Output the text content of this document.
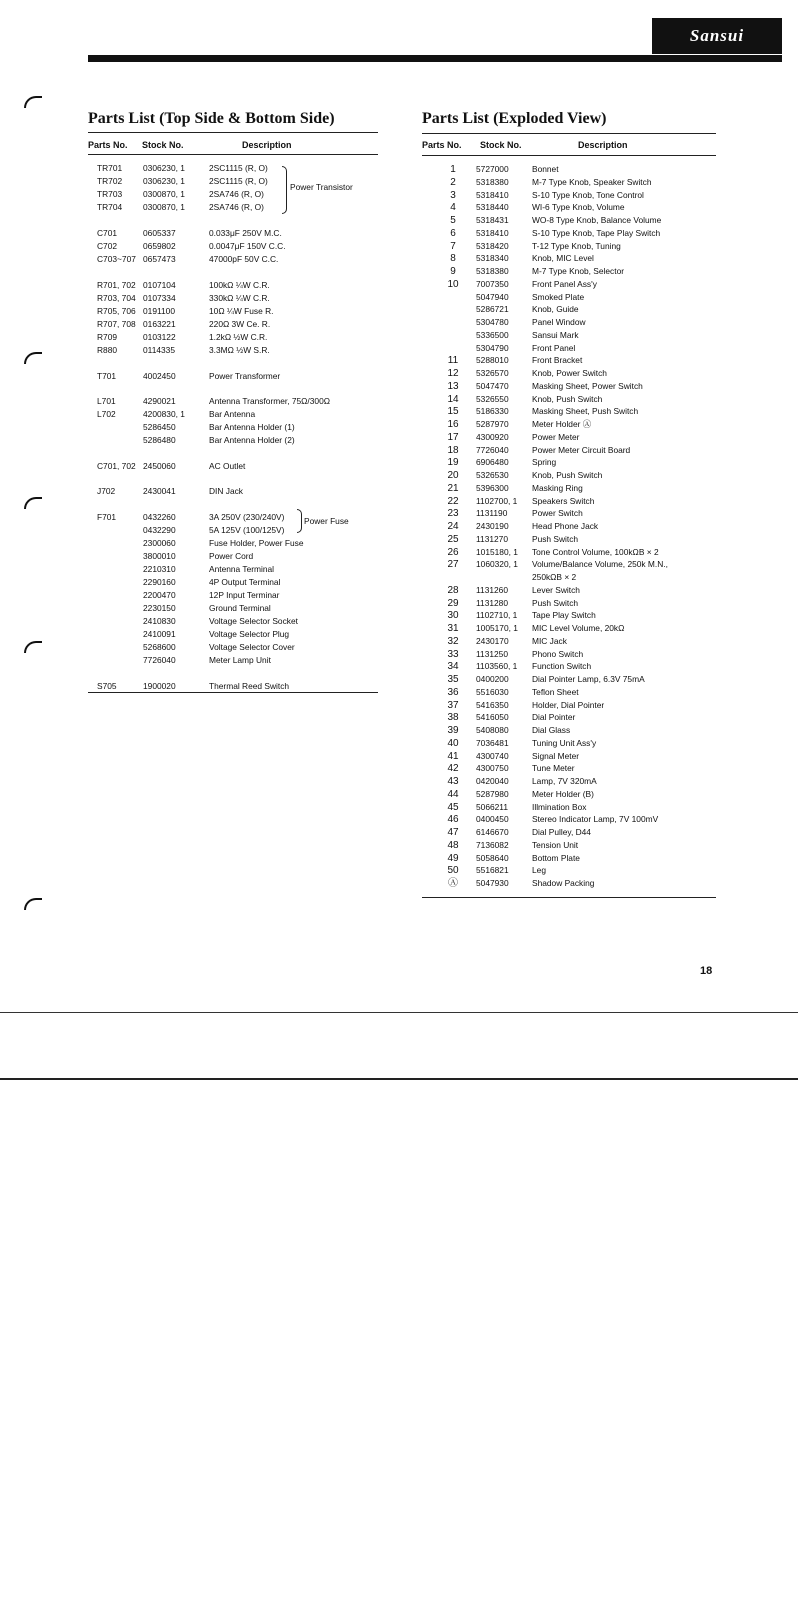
Sansui
Parts List (Top Side & Bottom Side)
Parts No. Stock No.	Description
TR701 0306230, 1	2SC1115 (R, O)
TR702 0306230, 1	2SC1115 (R, O)
TR703 0300870, 1	2SA746 (R, O)
TR704 0300870, 1	2SA746 (R, O)
C701	0605337	0.033μF 250V M.C.
C702	0659802	0.0047μF 150V C.C.
C703~707 0657473	47000pF 50V C.C.
R701, 702 0107104	100kΩ ¼W C.R.
R703, 704 0107334	330kΩ ¼W C.R.
R705, 706 0191100	10Ω ¼W Fuse R.
R707, 708 0163221	220Ω 3W Ce. R.
R709	0103122	1.2kΩ ½W C.R.
R880	0114335	3.3MΩ ½W S.R.
T701	4002450	Power Transformer
L701	4290021	Antenna Transformer, 75Ω/300Ω
L702	4200830, 1	Bar Antenna
5286450	Bar Antenna Holder (1)
5286480	Bar Antenna Holder (2)
C701, 702 2450060	AC Outlet
J702	2430041	DIN Jack
F701	0432260	3A 250V (230/240V)
0432290	5A 125V (100/125V)
2300060	Fuse Holder, Power Fuse
3800010	Power Cord
2210310	Antenna Terminal
2290160	4P Output Terminal
2200470	12P Input Terminar
2230150	Ground Terminal
2410830	Voltage Selector Socket
2410091	Voltage Selector Plug
5268600	Voltage Selector Cover
7726040	Meter Lamp Unit
S705	1900020	Thermal Reed Switch
Power Transistor
Power Fuse
Parts List (Exploded View)
Parts No. Stock No.	Description
1	5727000	Bonnet
2	5318380	M-7 Type Knob, Speaker Switch
3	5318410	S-10 Type Knob, Tone Control
4	5318440	WI-6 Type Knob, Volume
5	5318431	WO-8 Type Knob, Balance Volume
6	5318410	S-10 Type Knob, Tape Play Switch
7	5318420	T-12 Type Knob, Tuning
8	5318340	Knob, MIC Level
9	5318380	M-7 Type Knob, Selector
10	7007350	Front Panel Ass'y
5047940	Smoked Plate
5286721	Knob, Guide
5304780	Panel Window
5336500	Sansui Mark
5304790	Front Panel
11	5288010	Front Bracket
12	5326570	Knob, Power Switch
13	5047470	Masking Sheet, Power Switch
14	5326550	Knob, Push Switch
15	5186330	Masking Sheet, Push Switch
16	5287970	Meter Holder Ⓐ
17	4300920	Power Meter
18	7726040	Power Meter Circuit Board
19	6906480	Spring
20	5326530	Knob, Push Switch
21	5396300	Masking Ring
22	1102700, 1 Speakers Switch
23	1131190	Power Switch
24	2430190	Head Phone Jack
25	1131270	Push Switch
26	1015180, 1 Tone Control Volume, 100kΩB × 2
27	1060320, 1 Volume/Balance Volume, 250k M.N.,
250kΩB × 2
28	1131260	Lever Switch
29	1131280	Push Switch
30	1102710, 1 Tape Play Switch
31	1005170, 1 MIC Level Volume, 20kΩ
32	2430170	MIC Jack
33	1131250	Phono Switch
34	1103560, 1 Function Switch
35	0400200	Dial Pointer Lamp, 6.3V 75mA
36	5516030	Teflon Sheet
37	5416350	Holder, Dial Pointer
38	5416050	Dial Pointer
39	5408080	Dial Glass
40	7036481	Tuning Unit Ass'y
41	4300740	Signal Meter
42	4300750	Tune Meter
43	0420040	Lamp, 7V 320mA
44	5287980	Meter Holder (B)
45	5066211	Illmination Box
46	0400450	Stereo Indicator Lamp, 7V 100mV
47	6146670	Dial Pulley, D44
48	7136082	Tension Unit
49	5058640	Bottom Plate
50	5516821	Leg
Ⓐ	5047930	Shadow Packing
18
